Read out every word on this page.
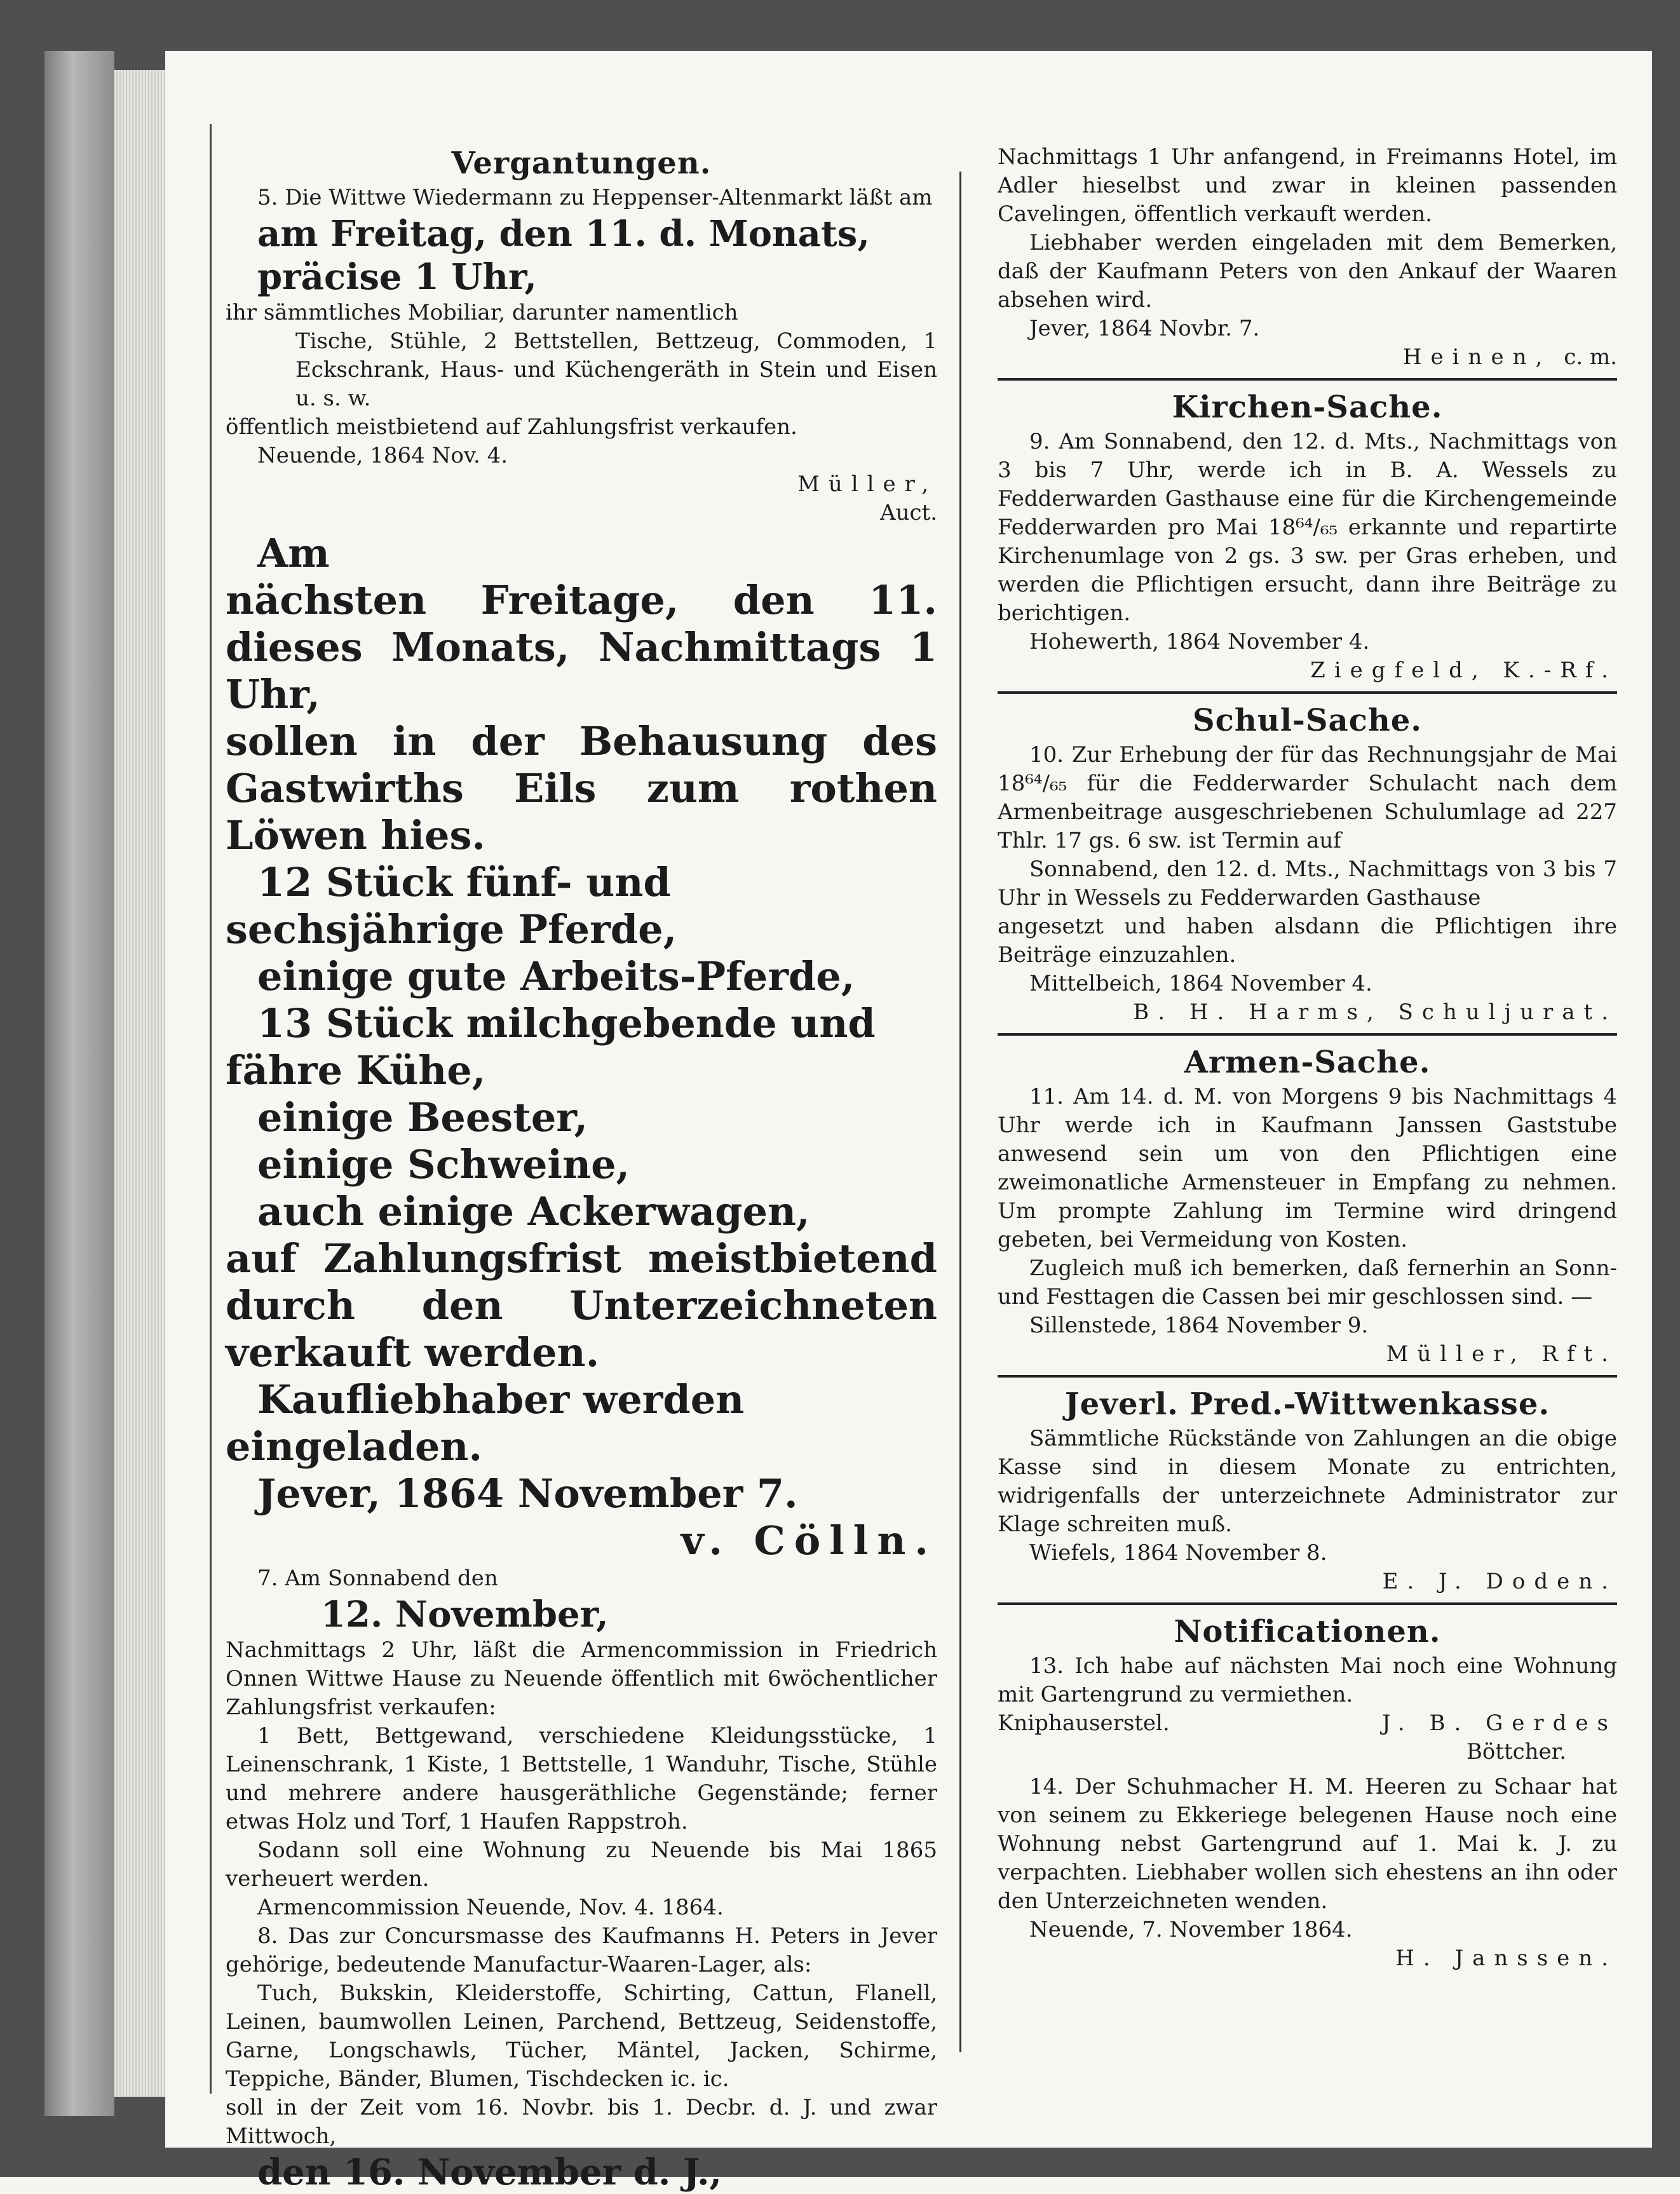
Vergantungen.

5. Die Wittwe Wiedermann zu Heppenser-Altenmarkt läßt am

am Freitag, den 11. d. Monats,

präcise 1 Uhr,

ihr sämmtliches Mobiliar, darunter namentlich

Tische, Stühle, 2 Bettstellen, Bettzeug, Commoden, 1 Eckschrank, Haus- und Küchengeräth in Stein und Eisen u. s. w.

öffentlich meistbietend auf Zahlungsfrist verkaufen.

Neuende, 1864 Nov. 4.

Müller,

Auct.

Am

nächsten Freitage, den 11. dieses Monats, Nachmittags 1 Uhr,

sollen in der Behausung des Gastwirths Eils zum rothen Löwen hies.

12 Stück fünf- und sechsjährige Pferde,

einige gute Arbeits-Pferde,

13 Stück milchgebende und fähre Kühe,

einige Beester,

einige Schweine,

auch einige Ackerwagen,

auf Zahlungsfrist meistbietend durch den Unterzeichneten verkauft werden.

Kaufliebhaber werden eingeladen.

Jever, 1864 November 7.

v. Cölln.

7. Am Sonnabend den

12. November,

Nachmittags 2 Uhr, läßt die Armencommission in Friedrich Onnen Wittwe Hause zu Neuende öffentlich mit 6wöchentlicher Zahlungsfrist verkaufen:

1 Bett, Bettgewand, verschiedene Kleidungsstücke, 1 Leinenschrank, 1 Kiste, 1 Bettstelle, 1 Wanduhr, Tische, Stühle und mehrere andere hausgeräthliche Gegenstände; ferner etwas Holz und Torf, 1 Haufen Rappstroh.

Sodann soll eine Wohnung zu Neuende bis Mai 1865 verheuert werden.

Armencommission Neuende, Nov. 4. 1864.

8. Das zur Concursmasse des Kaufmanns H. Peters in Jever gehörige, bedeutende Manufactur-Waaren-Lager, als:

Tuch, Bukskin, Kleiderstoffe, Schirting, Cattun, Flanell, Leinen, baumwollen Leinen, Parchend, Bettzeug, Seidenstoffe, Garne, Longschawls, Tücher, Mäntel, Jacken, Schirme, Teppiche, Bänder, Blumen, Tischdecken ic. ic.

soll in der Zeit vom 16. Novbr. bis 1. Decbr. d. J. und zwar Mittwoch,

den 16. November d. J.,

Nachmittags 1 Uhr anfangend, in Freimanns Hotel, im Adler hieselbst und zwar in kleinen passenden Cavelingen, öffentlich verkauft werden.

Liebhaber werden eingeladen mit dem Bemerken, daß der Kaufmann Peters von den Ankauf der Waaren absehen wird.

Jever, 1864 Novbr. 7.

Heinen, c. m.
Kirchen-Sache.

9. Am Sonnabend, den 12. d. Mts., Nachmittags von 3 bis 7 Uhr, werde ich in B. A. Wessels zu Fedderwarden Gasthause eine für die Kirchengemeinde Fedderwarden pro Mai 18⁶⁴/₆₅ erkannte und repartirte Kirchenumlage von 2 gs. 3 sw. per Gras erheben, und werden die Pflichtigen ersucht, dann ihre Beiträge zu berichtigen.

Hohewerth, 1864 November 4.

Ziegfeld, K.-Rf.

Schul-Sache.

10. Zur Erhebung der für das Rechnungsjahr de Mai 18⁶⁴/₆₅ für die Fedderwarder Schulacht nach dem Armenbeitrage ausgeschriebenen Schulumlage ad 227 Thlr. 17 gs. 6 sw. ist Termin auf

Sonnabend, den 12. d. Mts., Nachmittags von 3 bis 7 Uhr in Wessels zu Fedderwarden Gasthause

angesetzt und haben alsdann die Pflichtigen ihre Beiträge einzuzahlen.

Mittelbeich, 1864 November 4.

B. H. Harms, Schuljurat.

Armen-Sache.

11. Am 14. d. M. von Morgens 9 bis Nachmittags 4 Uhr werde ich in Kaufmann Janssen Gaststube anwesend sein um von den Pflichtigen eine zweimonatliche Armensteuer in Empfang zu nehmen. Um prompte Zahlung im Termine wird dringend gebeten, bei Vermeidung von Kosten.

Zugleich muß ich bemerken, daß fernerhin an Sonn- und Festtagen die Cassen bei mir geschlossen sind. —

Sillenstede, 1864 November 9.

Müller, Rft.

Jeverl. Pred.-Wittwenkasse.

Sämmtliche Rückstände von Zahlungen an die obige Kasse sind in diesem Monate zu entrichten, widrigenfalls der unterzeichnete Administrator zur Klage schreiten muß.

Wiefels, 1864 November 8.

E. J. Doden.

Notificationen.

13. Ich habe auf nächsten Mai noch eine Wohnung mit Gartengrund zu vermiethen.

Kniphauserstel.	J. B. Gerdes

Böttcher.

14. Der Schuhmacher H. M. Heeren zu Schaar hat von seinem zu Ekkeriege belegenen Hause noch eine Wohnung nebst Gartengrund auf 1. Mai k. J. zu verpachten. Liebhaber wollen sich ehestens an ihn oder den Unterzeichneten wenden.

Neuende, 7. November 1864.

H. Janssen.
